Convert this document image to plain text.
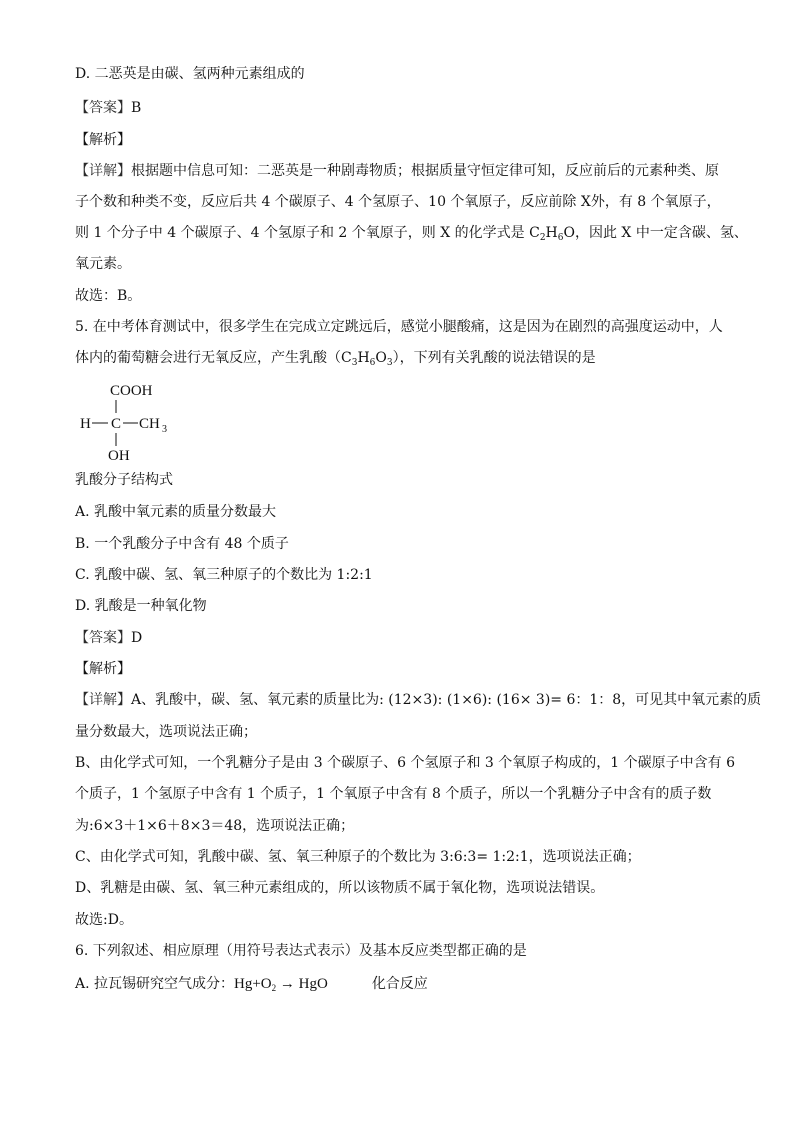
D. 二恶英是由碳、氢两种元素组成的
【答案】B
【解析】
【详解】根据题中信息可知：二恶英是一种剧毒物质；根据质量守恒定律可知，反应前后的元素种类、原
子个数和种类不变，反应后共 4 个碳原子、4 个氢原子、10 个氧原子，反应前除 X外，有 8 个氧原子，
则 1 个分子中 4 个碳原子、4 个氢原子和 2 个氧原子，则 X 的化学式是 $C_2H_6O$，因此 X 中一定含碳、氢、
氧元素。
故选：B。
5. 在中考体育测试中，很多学生在完成立定跳远后，感觉小腿酸痛，这是因为在剧烈的高强度运动中，人
体内的葡萄糖会进行无氧反应，产生乳酸$(C_3H_6O_3)$，下列有关乳酸的说法错误的是
COOH
H C CH 3
OH
乳酸分子结构式
A. 乳酸中氧元素的质量分数最大
B. 一个乳酸分子中含有 48 个质子
C. 乳酸中碳、氢、氧三种原子的个数比为 1:2:1
D. 乳酸是一种氧化物
【答案】D
【解析】
【详解】A、乳酸中，碳、氢、氧元素的质量比为: (12×3): (1×6): (16× 3)= 6：1：8，可见其中氧元素的质
量分数最大，选项说法正确；
B、由化学式可知，一个乳糖分子是由 3 个碳原子、6 个氢原子和 3 个氧原子构成的，1 个碳原子中含有 6
个质子，1 个氢原子中含有 1 个质子，1 个氧原子中含有 8 个质子，所以一个乳糖分子中含有的质子数
为:6×3＋1×6＋8×3＝48，选项说法正确；
C、由化学式可知，乳酸中碳、氢、氧三种原子的个数比为 3:6:3= 1:2:1，选项说法正确；
D、乳糖是由碳、氢、氧三种元素组成的，所以该物质不属于氧化物，选项说法错误。
故选:D。
6. 下列叙述、相应原理（用符号表达式表示）及基本反应类型都正确的是
A. 拉瓦锡研究空气成分：$Hg+O_2$ → HgO	化合反应
